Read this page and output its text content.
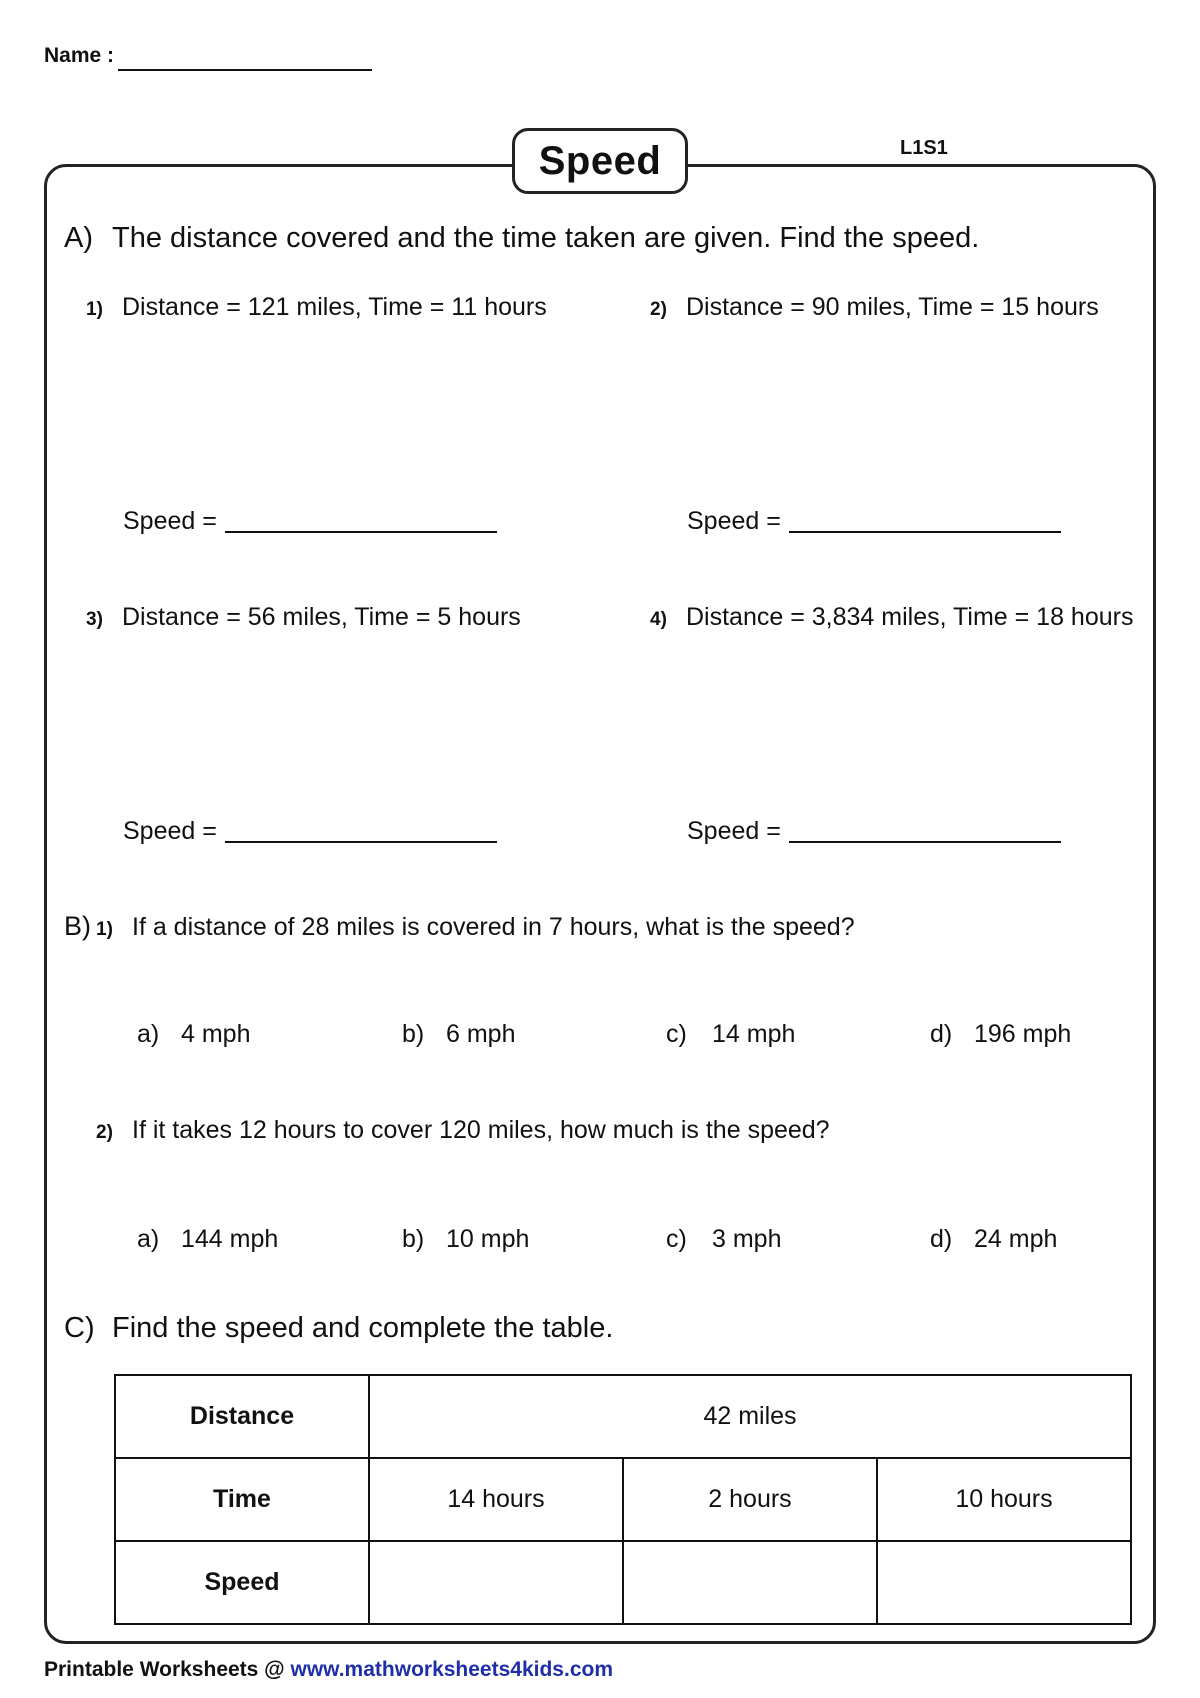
Name :
Speed	L1S1
A) The distance covered and the time taken are given. Find the speed.
1) Distance = 121 miles, Time = 11 hours	2) Distance = 90 miles, Time = 15 hours
Speed =	Speed =
3) Distance = 56 miles, Time = 5 hours	4) Distance = 3,834 miles, Time = 18 hours
Speed =	Speed =
B) 1) If a distance of 28 miles is covered in 7 hours, what is the speed?
a) 4 mph	b) 6 mph	c) 14 mph	d) 196 mph
2) If it takes 12 hours to cover 120 miles, how much is the speed?
a) 144 mph	b) 10 mph	c) 3 mph	d) 24 mph
C) Find the speed and complete the table.
Distance	42 miles		
Time	14 hours	2 hours	10 hours
Speed			
Printable Worksheets @ www.mathworksheets4kids.com
